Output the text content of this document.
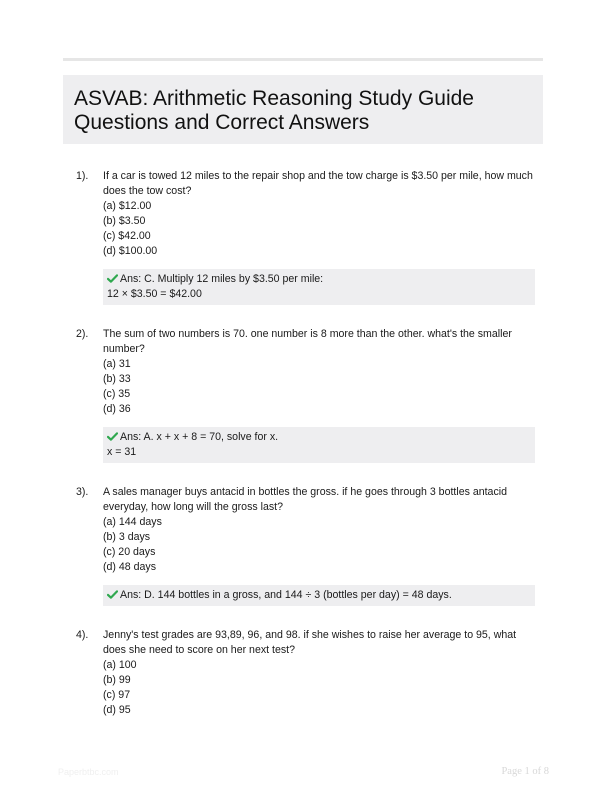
ASVAB: Arithmetic Reasoning Study Guide
Questions and Correct Answers
1). If a car is towed 12 miles to the repair shop and the tow charge is $3.50 per mile, how much
does the tow cost?
(a) $12.00
(b) $3.50
(c) $42.00
(d) $100.00
Ans: C. Multiply 12 miles by $3.50 per mile:
12 × $3.50 = $42.00
2). The sum of two numbers is 70. one number is 8 more than the other. what's the smaller
number?
(a) 31
(b) 33
(c) 35
(d) 36
Ans: A. x + x + 8 = 70, solve for x.
x = 31
3). A sales manager buys antacid in bottles the gross. if he goes through 3 bottles antacid
everyday, how long will the gross last?
(a) 144 days
(b) 3 days
(c) 20 days
(d) 48 days
Ans: D. 144 bottles in a gross, and 144 ÷ 3 (bottles per day) = 48 days.
4). Jenny's test grades are 93,89, 96, and 98. if she wishes to raise her average to 95, what
does she need to score on her next test?
(a) 100
(b) 99
(c) 97
(d) 95
Paperbtbc.com	Page 1 of 8
